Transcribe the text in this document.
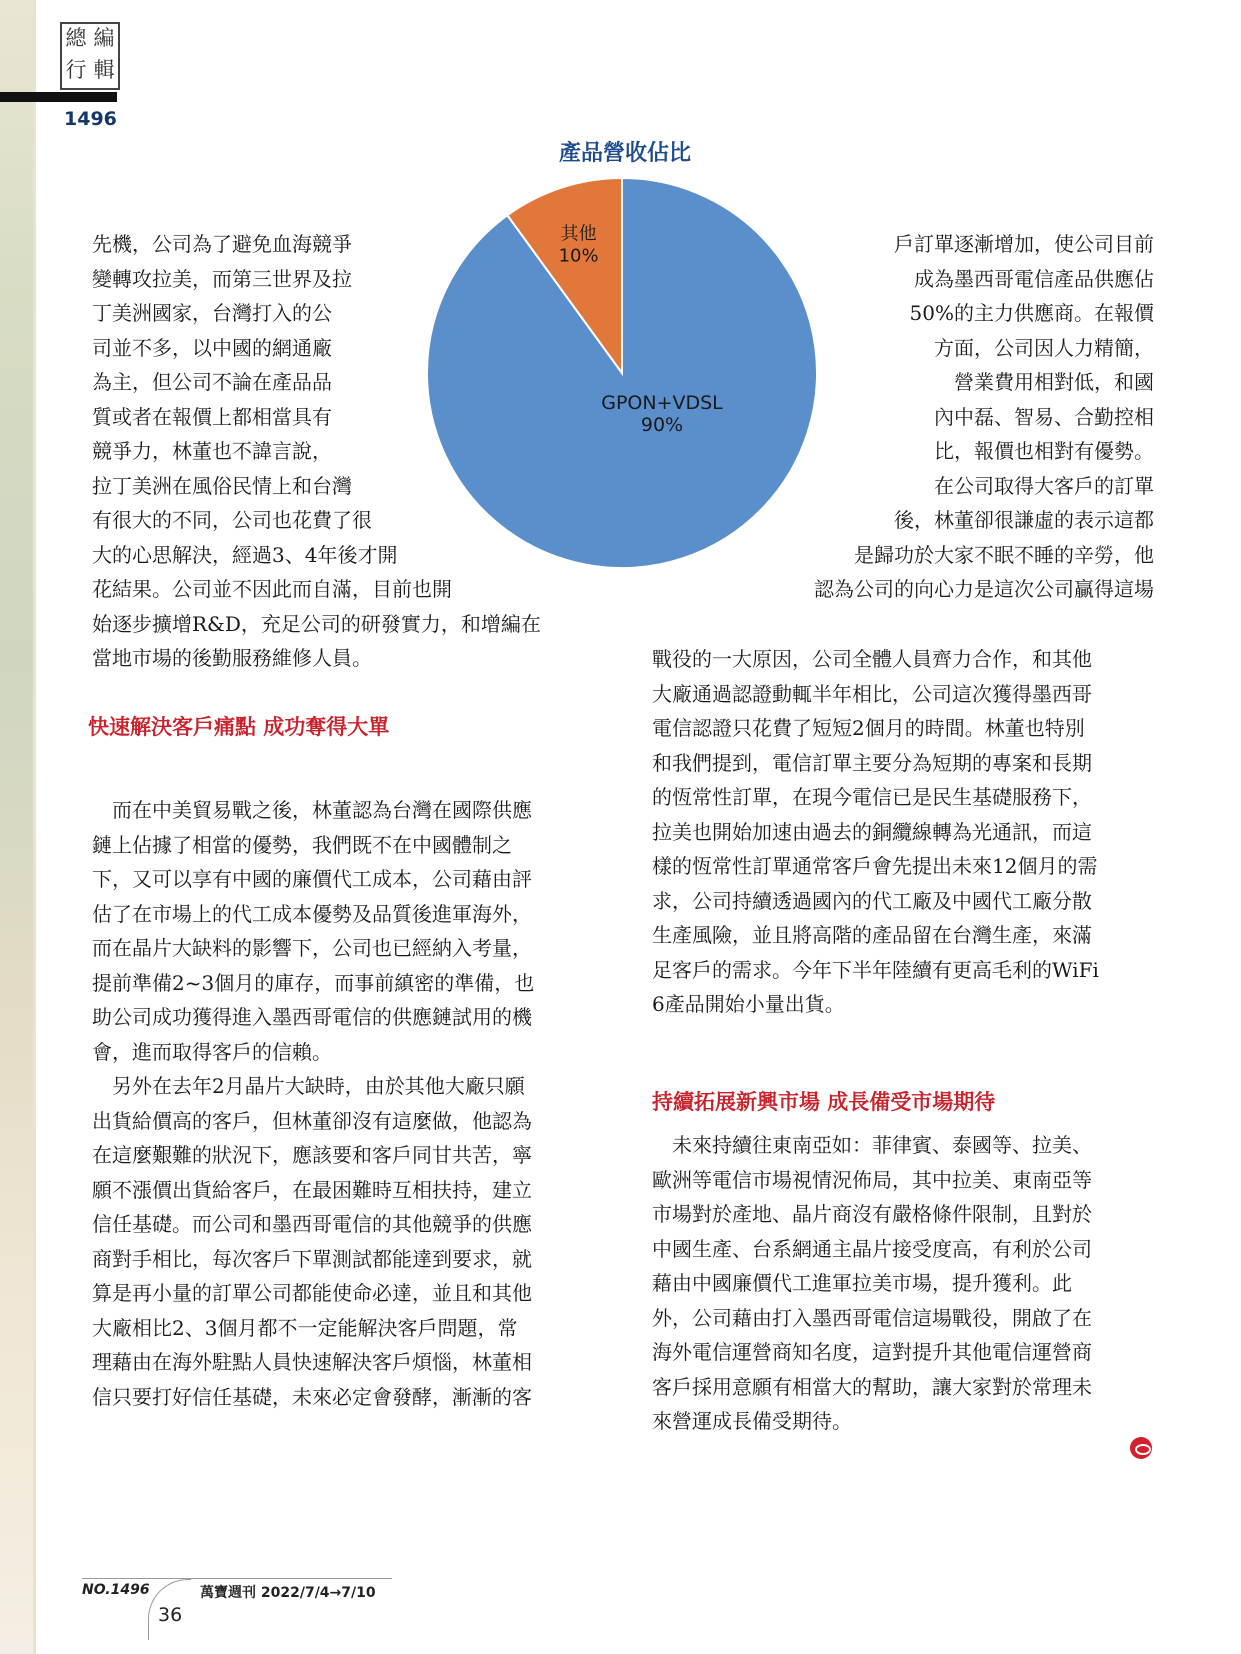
總 編
行 輯
1496
產品營收佔比
GPON+VDSL
90%
其他
10%
先機，公司為了避免血海競爭
變轉攻拉美，而第三世界及拉
丁美洲國家，台灣打入的公
司並不多，以中國的網通廠
為主，但公司不論在產品品
質或者在報價上都相當具有
競爭力，林董也不諱言說，
拉丁美洲在風俗民情上和台灣
有很大的不同，公司也花費了很
大的心思解決，經過3、4年後才開
花結果。公司並不因此而自滿，目前也開
始逐步擴增R&D，充足公司的研發實力，和增編在
當地市場的後勤服務維修人員。
快速解決客戶痛點 成功奪得大單
　而在中美貿易戰之後，林董認為台灣在國際供應
鏈上佔據了相當的優勢，我們既不在中國體制之
下，又可以享有中國的廉價代工成本，公司藉由評
估了在市場上的代工成本優勢及品質後進軍海外，
而在晶片大缺料的影響下，公司也已經納入考量，
提前準備2~3個月的庫存，而事前縝密的準備，也
助公司成功獲得進入墨西哥電信的供應鏈試用的機
會，進而取得客戶的信賴。
　另外在去年2月晶片大缺時，由於其他大廠只願
出貨給價高的客戶，但林董卻沒有這麼做，他認為
在這麼艱難的狀況下，應該要和客戶同甘共苦，寧
願不漲價出貨給客戶，在最困難時互相扶持，建立
信任基礎。而公司和墨西哥電信的其他競爭的供應
商對手相比，每次客戶下單測試都能達到要求，就
算是再小量的訂單公司都能使命必達，並且和其他
大廠相比2、3個月都不一定能解決客戶問題，常
理藉由在海外駐點人員快速解決客戶煩惱，林董相
信只要打好信任基礎，未來必定會發酵，漸漸的客
戶訂單逐漸增加，使公司目前
成為墨西哥電信產品供應佔
50%的主力供應商。在報價
方面，公司因人力精簡，
營業費用相對低，和國
內中磊、智易、合勤控相
比，報價也相對有優勢。
在公司取得大客戶的訂單
後，林董卻很謙虛的表示這都
是歸功於大家不眠不睡的辛勞，他
認為公司的向心力是這次公司贏得這場
戰役的一大原因，公司全體人員齊力合作，和其他
大廠通過認證動輒半年相比，公司這次獲得墨西哥
電信認證只花費了短短2個月的時間。林董也特別
和我們提到，電信訂單主要分為短期的專案和長期
的恆常性訂單，在現今電信已是民生基礎服務下，
拉美也開始加速由過去的銅纜線轉為光通訊，而這
樣的恆常性訂單通常客戶會先提出未來12個月的需
求，公司持續透過國內的代工廠及中國代工廠分散
生產風險，並且將高階的產品留在台灣生產，來滿
足客戶的需求。今年下半年陸續有更高毛利的WiFi
6產品開始小量出貨。
持續拓展新興市場 成長備受市場期待
　未來持續往東南亞如：菲律賓、泰國等、拉美、
歐洲等電信市場視情況佈局，其中拉美、東南亞等
市場對於產地、晶片商沒有嚴格條件限制，且對於
中國生產、台系網通主晶片接受度高，有利於公司
藉由中國廉價代工進軍拉美市場，提升獲利。此
外，公司藉由打入墨西哥電信這場戰役，開啟了在
海外電信運營商知名度，這對提升其他電信運營商
客戶採用意願有相當大的幫助，讓大家對於常理未
來營運成長備受期待。
NO.1496	萬寶週刊 2022/7/4→7/10
36
